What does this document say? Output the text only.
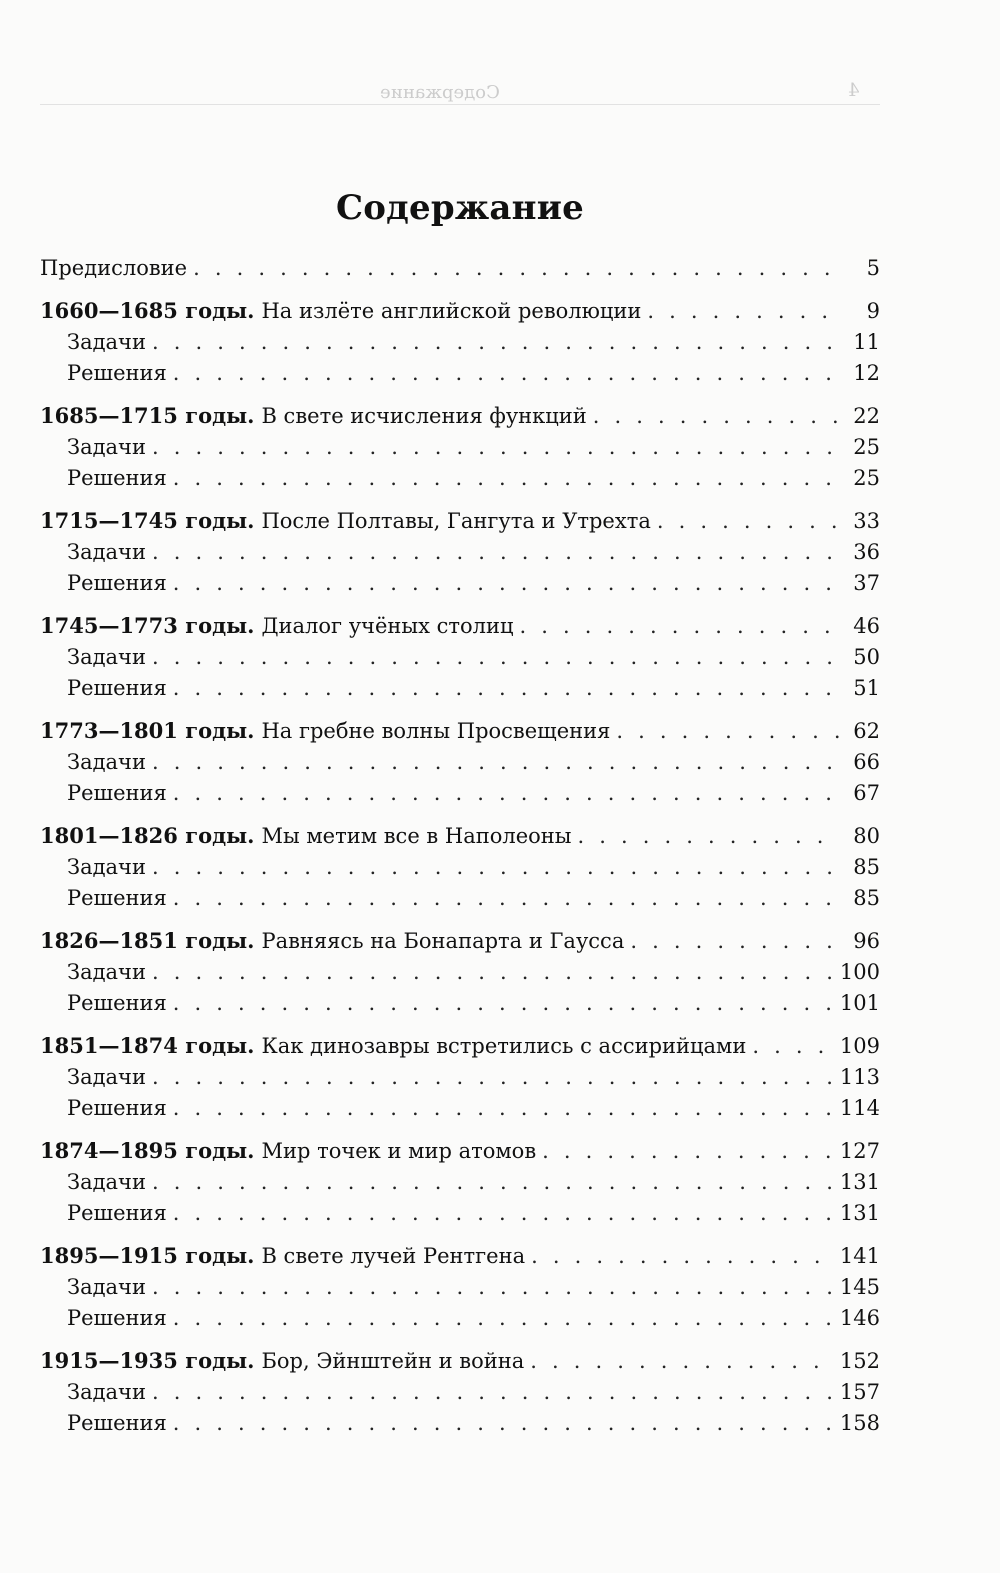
Содержание	4
Содержание
Предисловие . . .	5
1660—1685 годы. На излёте английской революции . . .	9
Задачи . . .	11
Решения . . .	12
1685—1715 годы. В свете исчисления функций . . .	22
Задачи . . .	25
Решения . . .	25
1715—1745 годы. После Полтавы, Гангута и Утрехта . . .	33
Задачи . . .	36
Решения . . .	37
1745—1773 годы. Диалог учёных столиц . . .	46
Задачи . . .	50
Решения . . .	51
1773—1801 годы. На гребне волны Просвещения . . .	62
Задачи . . .	66
Решения . . .	67
1801—1826 годы. Мы метим все в Наполеоны . . .	80
Задачи . . .	85
Решения . . .	85
1826—1851 годы. Равняясь на Бонапарта и Гаусса . . .	96
Задачи . . .	100
Решения . . .	101
1851—1874 годы. Как динозавры встретились с ассирийцами . . .	109
Задачи . . .	113
Решения . . .	114
1874—1895 годы. Мир точек и мир атомов . . .	127
Задачи . . .	131
Решения . . .	131
1895—1915 годы. В свете лучей Рентгена . . .	141
Задачи . . .	145
Решения . . .	146
1915—1935 годы. Бор, Эйнштейн и война . . .	152
Задачи . . .	157
Решения . . .	158
